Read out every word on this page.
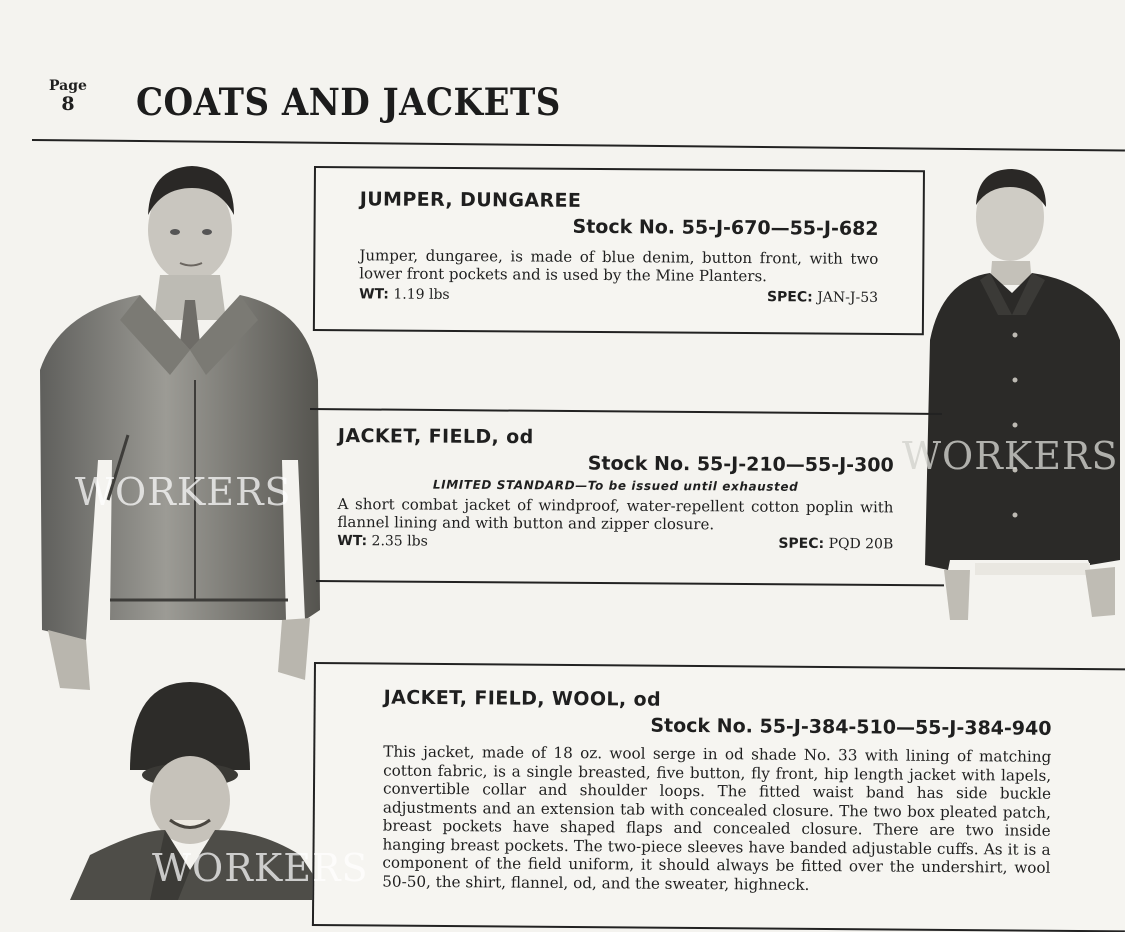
Page
8	COATS AND JACKETS

JUMPER, DUNGAREE
Stock No. 55-J-670—55-J-682
Jumper, dungaree, is made of blue denim, button front, with two lower front pockets and is used by the Mine Planters.
WT: 1.19 lbs	SPEC: JAN-J-53
JACKET, FIELD, od
Stock No. 55-J-210—55-J-300
LIMITED STANDARD—To be issued until exhausted
A short combat jacket of windproof, water-repellent cotton poplin with flannel lining and with button and zipper closure.
WT: 2.35 lbs	SPEC: PQD 20B
JACKET, FIELD, WOOL, od
Stock No. 55-J-384-510—55-J-384-940
This jacket, made of 18 oz. wool serge in od shade No. 33 with lining of matching cotton fabric, is a single breasted, five button, fly front, hip length jacket with lapels, convertible collar and shoulder loops. The fitted waist band has side buckle adjustments and an extension tab with concealed closure. The two box pleated patch, breast pockets have shaped flaps and concealed closure. There are two inside hanging breast pockets. The two-piece sleeves have banded adjustable cuffs. As it is a component of the field uniform, it should always be fitted over the undershirt, wool 50-50, the shirt, flannel, od, and the sweater, highneck.
WORKERS
WORKERS
WORKERS
